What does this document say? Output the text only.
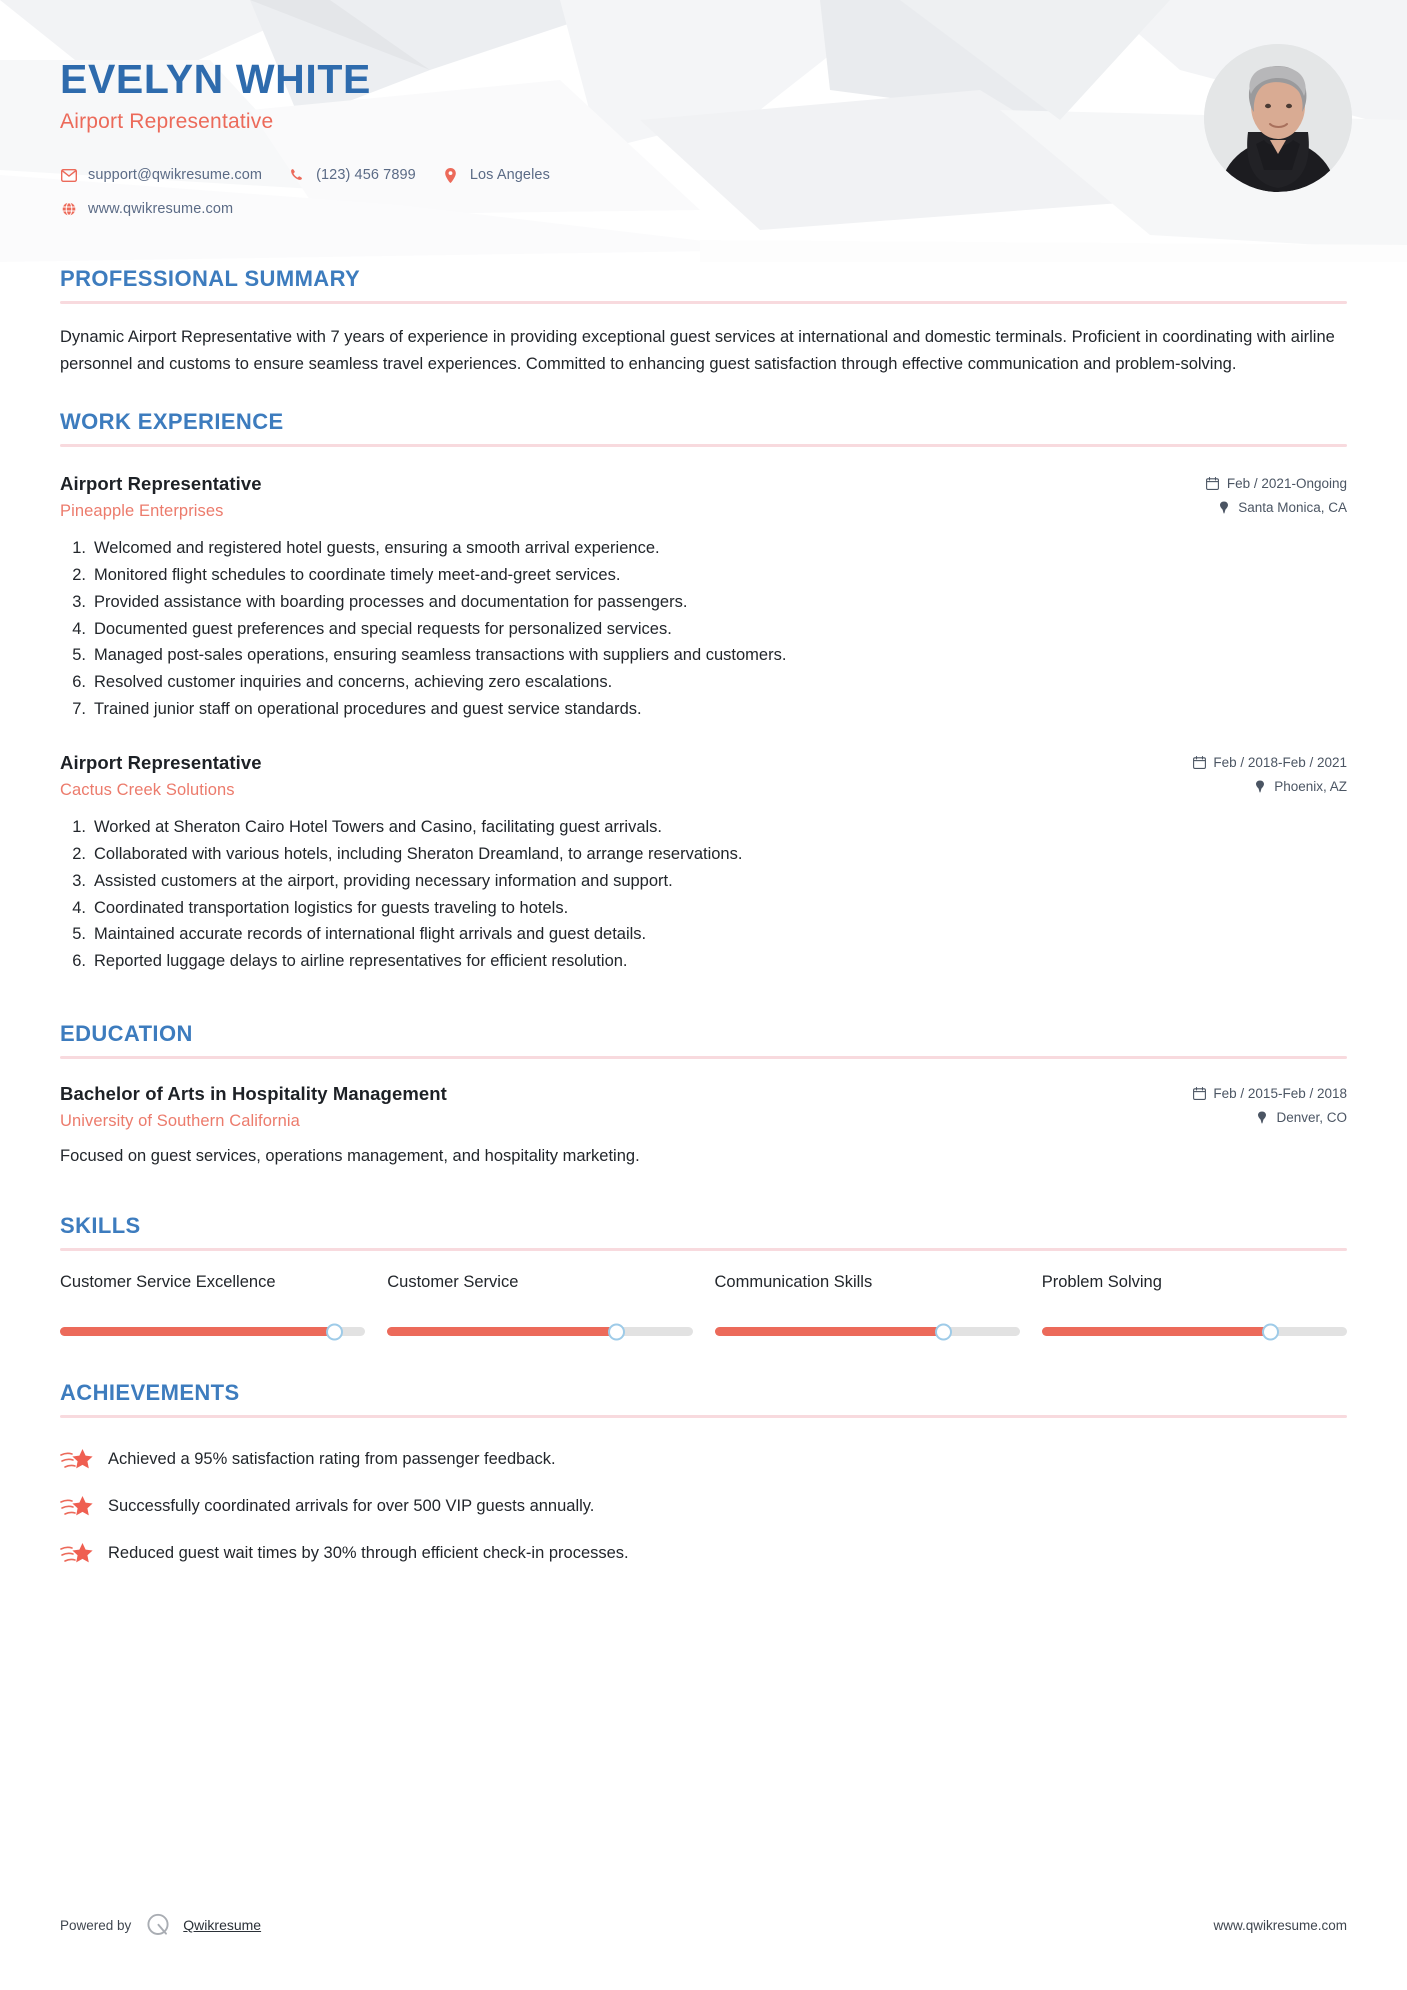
EVELYN WHITE
Airport Representative
support@qwikresume.com	(123) 456 7899	Los Angeles
www.qwikresume.com
PROFESSIONAL SUMMARY
Dynamic Airport Representative with 7 years of experience in providing exceptional guest services at international and domestic terminals. Proficient in coordinating with airline personnel and customs to ensure seamless travel experiences. Committed to enhancing guest satisfaction through effective communication and problem-solving.
WORK EXPERIENCE
Airport Representative
Pineapple Enterprises
Feb / 2021-Ongoing
Santa Monica, CA
1. Welcomed and registered hotel guests, ensuring a smooth arrival experience.
2. Monitored flight schedules to coordinate timely meet-and-greet services.
3. Provided assistance with boarding processes and documentation for passengers.
4. Documented guest preferences and special requests for personalized services.
5. Managed post-sales operations, ensuring seamless transactions with suppliers and customers.
6. Resolved customer inquiries and concerns, achieving zero escalations.
7. Trained junior staff on operational procedures and guest service standards.
Airport Representative
Cactus Creek Solutions
Feb / 2018-Feb / 2021
Phoenix, AZ
1. Worked at Sheraton Cairo Hotel Towers and Casino, facilitating guest arrivals.
2. Collaborated with various hotels, including Sheraton Dreamland, to arrange reservations.
3. Assisted customers at the airport, providing necessary information and support.
4. Coordinated transportation logistics for guests traveling to hotels.
5. Maintained accurate records of international flight arrivals and guest details.
6. Reported luggage delays to airline representatives for efficient resolution.
EDUCATION
Bachelor of Arts in Hospitality Management
University of Southern California
Feb / 2015-Feb / 2018
Denver, CO
Focused on guest services, operations management, and hospitality marketing.
SKILLS
Customer Service Excellence	Customer Service	Communication Skills	Problem Solving
ACHIEVEMENTS
Achieved a 95% satisfaction rating from passenger feedback.
Successfully coordinated arrivals for over 500 VIP guests annually.
Reduced guest wait times by 30% through efficient check-in processes.
Powered by	Qwikresume	www.qwikresume.com
